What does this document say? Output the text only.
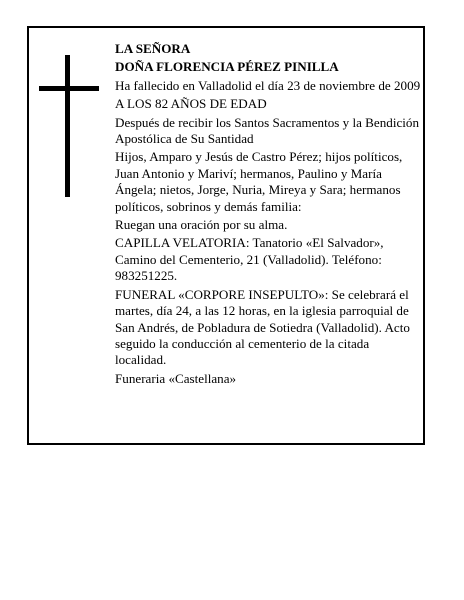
LA SEÑORA

DOÑA FLORENCIA PÉREZ PINILLA

Ha fallecido en Valladolid el día 23 de noviembre de 2009

A LOS 82 AÑOS DE EDAD

Después de recibir los Santos Sacramentos y la Bendición Apostólica de Su Santidad

Hijos, Amparo y Jesús de Castro Pérez; hijos políticos, Juan Antonio y Mariví; hermanos, Paulino y María Ángela; nietos, Jorge, Nuria, Mireya y Sara; hermanos políticos, sobrinos y demás familia:

Ruegan una oración por su alma.

CAPILLA VELATORIA: Tanatorio «El Salvador», Camino del Cementerio, 21 (Valladolid). Teléfono: 983251225.

FUNERAL «CORPORE INSEPULTO»: Se celebrará el martes, día 24, a las 12 horas, en la iglesia parroquial de San Andrés, de Pobladura de Sotiedra (Valladolid). Acto seguido la conducción al cementerio de la citada localidad.

Funeraria «Castellana»
